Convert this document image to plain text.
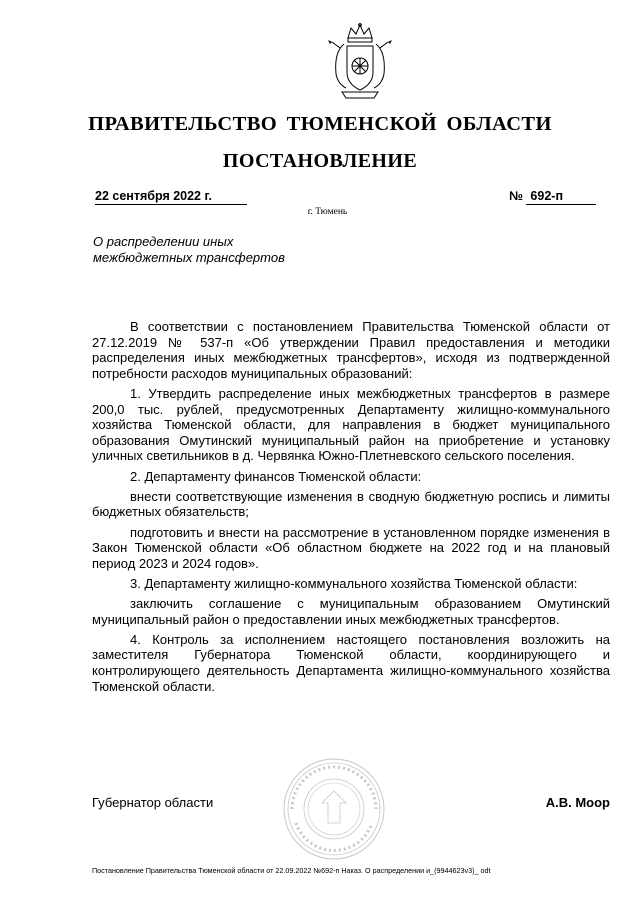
ПРАВИТЕЛЬСТВО ТЮМЕНСКОЙ ОБЛАСТИ
ПОСТАНОВЛЕНИЕ
22 сентября 2022 г.	№ 692-п
г. Тюмень
О распределении иных
межбюджетных трансфертов

В соответствии с постановлением Правительства Тюменской области от 27.12.2019 № 537-п «Об утверждении Правил предоставления и методики распределения иных межбюджетных трансфертов», исходя из подтвержденной потребности расходов муниципальных образований:

1. Утвердить распределение иных межбюджетных трансфертов в размере 200,0 тыс. рублей, предусмотренных Департаменту жилищно-коммунального хозяйства Тюменской области, для направления в бюджет муниципального образования Омутинский муниципальный район на приобретение и установку уличных светильников в д. Червянка Южно-Плетневского сельского поселения.

2. Департаменту финансов Тюменской области:

внести соответствующие изменения в сводную бюджетную роспись и лимиты бюджетных обязательств;

подготовить и внести на рассмотрение в установленном порядке изменения в Закон Тюменской области «Об областном бюджете на 2022 год и на плановый период 2023 и 2024 годов».

3. Департаменту жилищно-коммунального хозяйства Тюменской области:

заключить соглашение с муниципальным образованием Омутинский муниципальный район о предоставлении иных межбюджетных трансфертов.

4. Контроль за исполнением настоящего постановления возложить на заместителя Губернатора Тюменской области, координирующего и контролирующего деятельность Департамента жилищно-коммунального хозяйства Тюменской области.

Губернатор области	А.В. Моор
Постановление Правительства Тюменской области от 22.09.2022 №692-п Наказ. О распределении и_(9944623v3)_ odt
